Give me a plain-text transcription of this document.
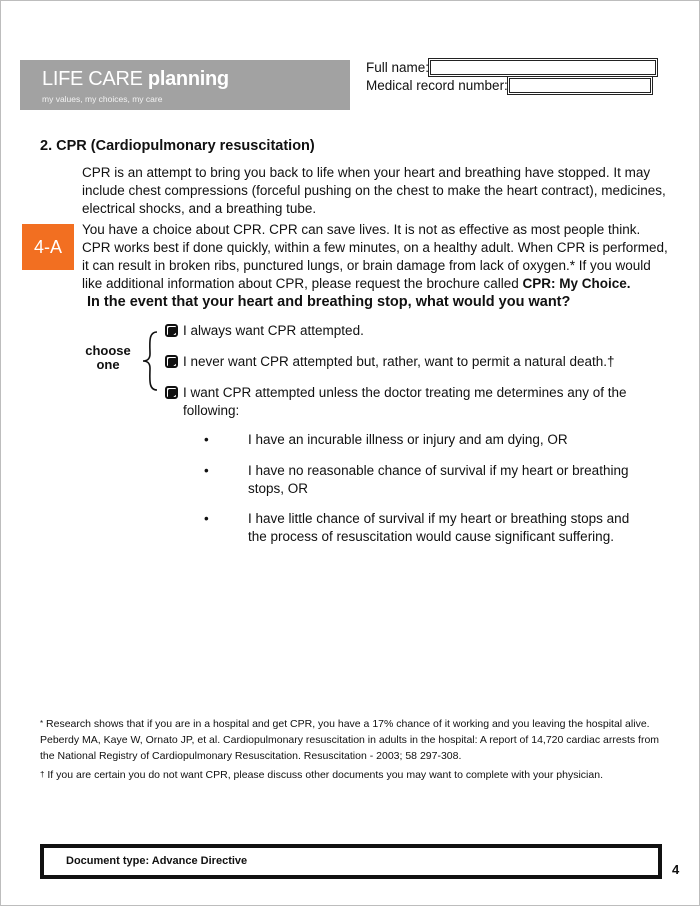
LIFE CARE planning
my values, my choices, my care
Full name:
Medical record number:
2. CPR (Cardiopulmonary resuscitation)
CPR is an attempt to bring you back to life when your heart and breathing have stopped. It may include chest compressions (forceful pushing on the chest to make the heart contract), medicines, electrical shocks, and a breathing tube.
4-A
You have a choice about CPR. CPR can save lives. It is not as effective as most people think. CPR works best if done quickly, within a few minutes, on a healthy adult. When CPR is performed, it can result in broken ribs, punctured lungs, or brain damage from lack of oxygen.* If you would like additional information about CPR, please request the brochure called CPR: My Choice.
In the event that your heart and breathing stop, what would you want?
choose one
I always want CPR attempted.
I never want CPR attempted but, rather, want to permit a natural death.†
I want CPR attempted unless the doctor treating me determines any of the following:
•	I have an incurable illness or injury and am dying, OR
•	I have no reasonable chance of survival if my heart or breathing stops, OR
•	I have little chance of survival if my heart or breathing stops and the process of resuscitation would cause significant suffering.
* Research shows that if you are in a hospital and get CPR, you have a 17% chance of it working and you leaving the hospital alive. Peberdy MA, Kaye W, Ornato JP, et al. Cardiopulmonary resuscitation in adults in the hospital: A report of 14,720 cardiac arrests from the National Registry of Cardiopulmonary Resuscitation. Resuscitation - 2003; 58 297-308.
† If you are certain you do not want CPR, please discuss other documents you may want to complete with your physician.
Document type: Advance Directive
4
